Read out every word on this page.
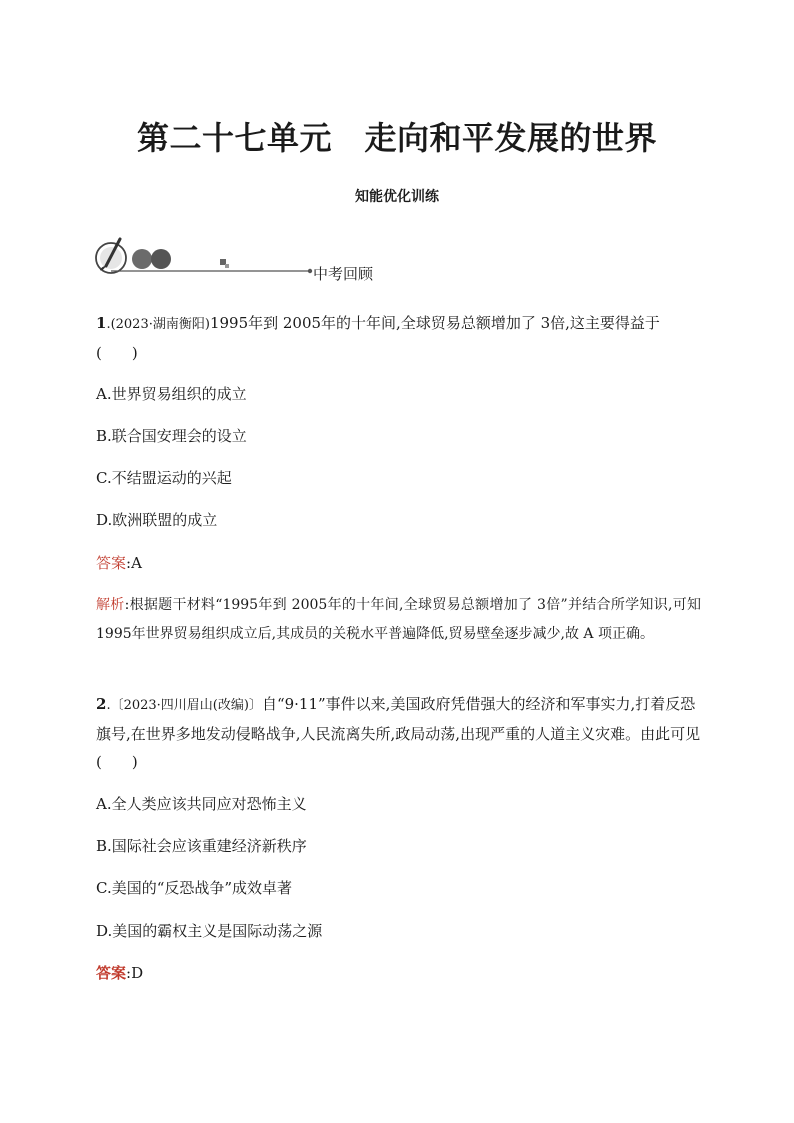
第二十七单元　走向和平发展的世界
知能优化训练
中考回顾
1.(2023·湖南衡阳)1995年到 2005年的十年间,全球贸易总额增加了 3倍,这主要得益于
(　　)
A.世界贸易组织的成立
B.联合国安理会的设立
C.不结盟运动的兴起
D.欧洲联盟的成立
答案:A
解析:根据题干材料“1995年到 2005年的十年间,全球贸易总额增加了 3倍”并结合所学知识,可知 1995年世界贸易组织成立后,其成员的关税水平普遍降低,贸易壁垒逐步减少,故 A 项正确。
2.〔2023·四川眉山(改编)〕自“9·11”事件以来,美国政府凭借强大的经济和军事实力,打着反恐旗号,在世界多地发动侵略战争,人民流离失所,政局动荡,出现严重的人道主义灾难。由此可见(　　)
A.全人类应该共同应对恐怖主义
B.国际社会应该重建经济新秩序
C.美国的“反恐战争”成效卓著
D.美国的霸权主义是国际动荡之源
答案:D
